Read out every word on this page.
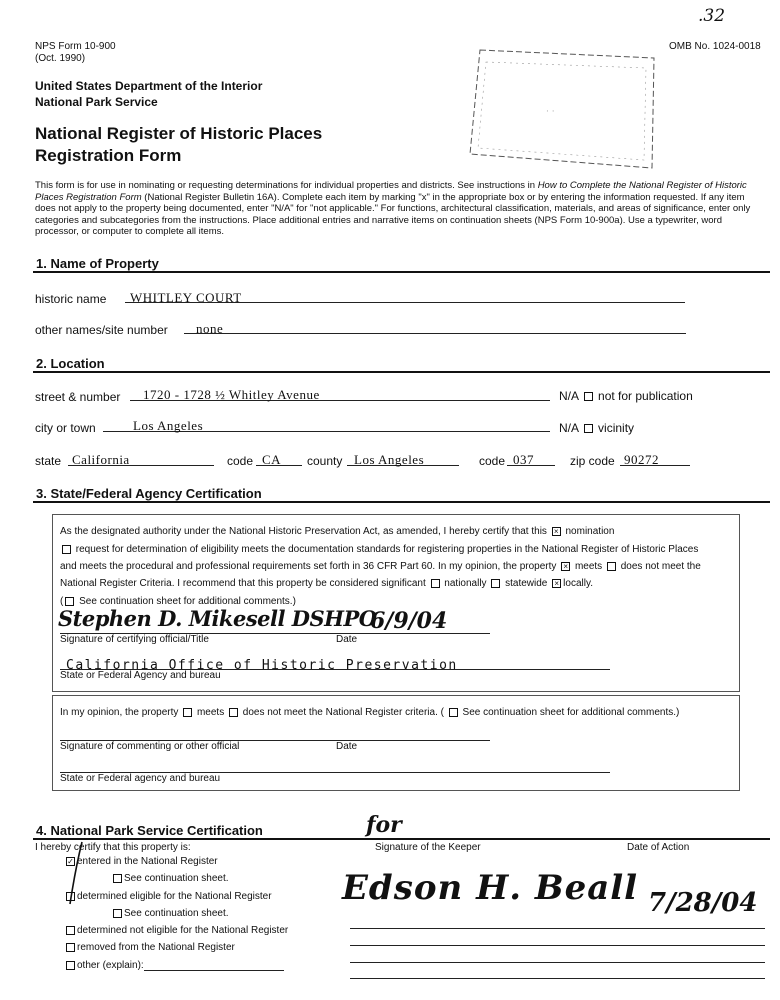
.32
NPS Form 10-900
(Oct. 1990)
OMB No. 1024-0018
United States Department of the Interior
National Park Service
· ·
National Register of Historic Places
Registration Form
This form is for use in nominating or requesting determinations for individual properties and districts. See instructions in How to Complete the National Register of Historic Places Registration Form (National Register Bulletin 16A). Complete each item by marking "x" in the appropriate box or by entering the information requested. If any item does not apply to the property being documented, enter "N/A" for "not applicable." For functions, architectural classification, materials, and areas of significance, enter only categories and subcategories from the instructions. Place additional entries and narrative items on continuation sheets (NPS Form 10-900a). Use a typewriter, word processor, or computer to complete all items.
1. Name of Property
historic name WHITLEY COURT
other names/site number none
2. Location
street & number 1720 - 1728 ½ Whitley Avenue	N/A not for publication
city or town	Los Angeles	N/A vicinity
state California	code CA county Los Angeles	code 037	zip code 90272
3. State/Federal Agency Certification
As the designated authority under the National Historic Preservation Act, as amended, I hereby certify that this × nomination
request for determination of eligibility meets the documentation standards for registering properties in the National Register of Historic Places
and meets the procedural and professional requirements set forth in 36 CFR Part 60. In my opinion, the property × meets does not meet the
National Register Criteria. I recommend that this property be considered significant nationally statewide × locally.
( See continuation sheet for additional comments.)
Stephen D. Mikesell DSHPO
6/9/04
Signature of certifying official/Title	Date
California Office of Historic Preservation
State or Federal Agency and bureau
In my opinion, the property meets does not meet the National Register criteria. ( See continuation sheet for additional comments.)
Signature of commenting or other official	Date
State or Federal agency and bureau
4. National Park Service Certification	for
I hereby certify that this property is:	Signature of the Keeper	Date of Action
✓ entered in the National Register
See continuation sheet.
determined eligible for the National Register
See continuation sheet.
determined not eligible for the National Register
removed from the National Register
other (explain):
Edson H. Beall 7/28/04
